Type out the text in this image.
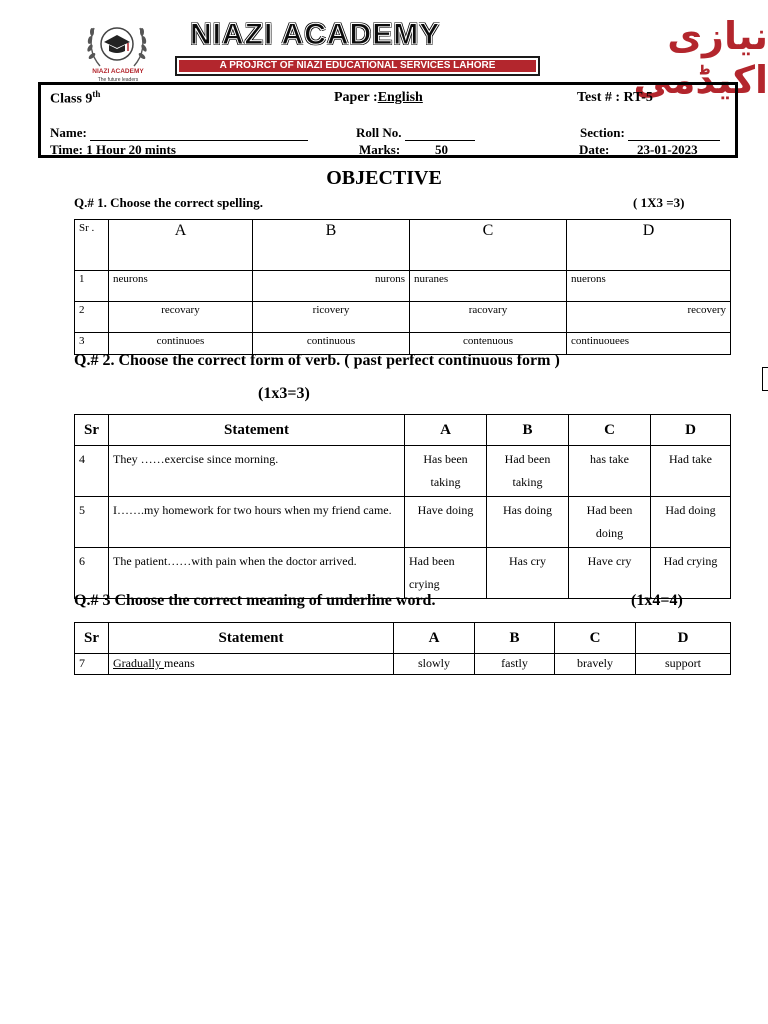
NIAZI ACADEMY
The future leaders
NIAZI ACADEMY
A PROJRCT OF NIAZI EDUCATIONAL SERVICES LAHORE
نیازی اکیڈمی
Class 9th	Paper :English	Test # : RT-5
Name:	Roll No.	Section:
Time: 1 Hour 20 mints	Marks:	50	Date: 23-01-2023
OBJECTIVE
Q.# 1. Choose the correct spelling.	( 1X3 =3)
Sr .	A	B	C	D
1	neurons	nurons	nuranes	nuerons
2	recovary	ricovery	racovary	recovery
3	continuoes	continuous	contenuous	continuouees
Q.# 2. Choose the correct form of verb. ( past perfect continuous form )
(1x3=3)
Sr	Statement	A	B	C	D
4	They ……exercise since morning.	Has been taking	Had been taking	has take	Had take
5	I…….my homework for two hours when my friend came.	Have doing	Has doing	Had been doing	Had doing
6	The patient……with pain when the doctor arrived.	Had been crying	Has cry	Have cry	Had crying
Q.# 3 Choose the correct meaning of underline word.	(1x4=4)
Sr	Statement	A	B	C	D
7	Gradually means	slowly	fastly	bravely	support
